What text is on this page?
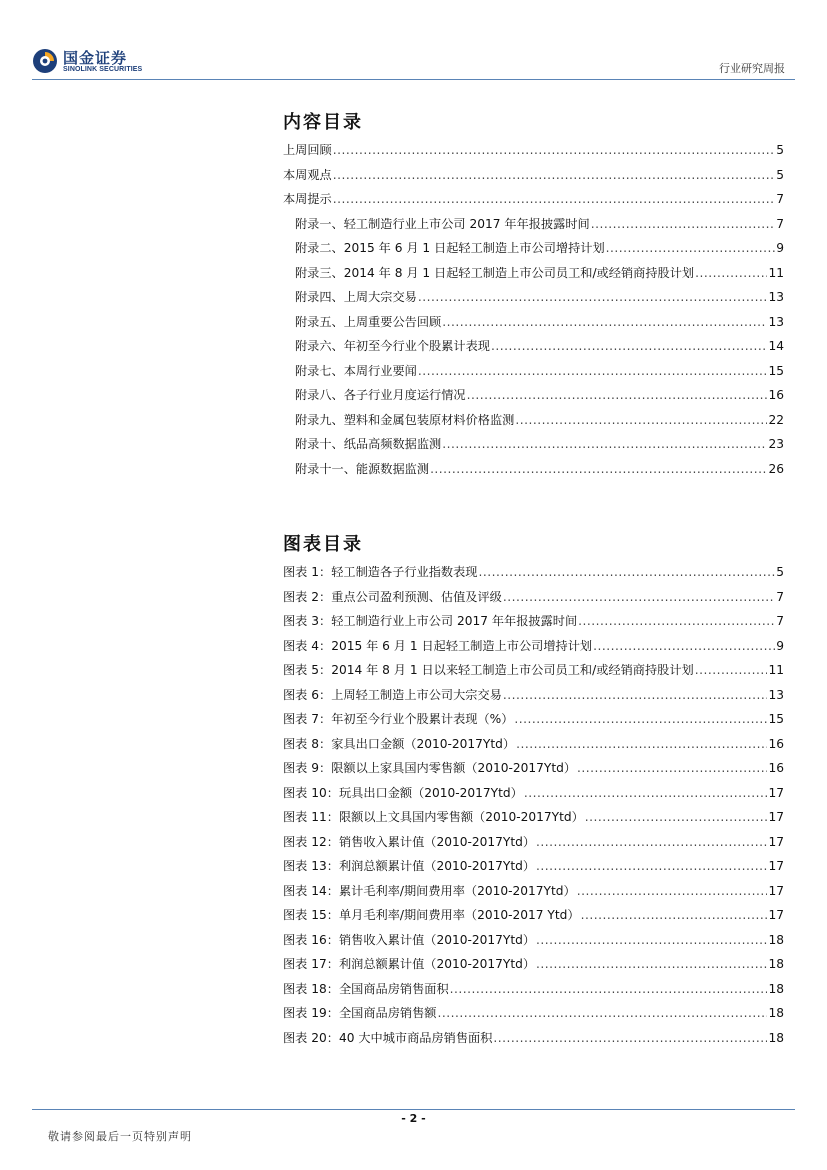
国金证券
SINOLINK SECURITIES	行业研究周报
内容目录
上周回顾 .....	5
本周观点 .....	5
本周提示 .....	7
附录一、轻工制造行业上市公司 2017 年年报披露时间 .....	7
附录二、2015 年 6 月 1 日起轻工制造上市公司增持计划 .....	9
附录三、2014 年 8 月 1 日起轻工制造上市公司员工和/或经销商持股计划 .....	11
附录四、上周大宗交易 .....	13
附录五、上周重要公告回顾 .....	13
附录六、年初至今行业个股累计表现 .....	14
附录七、本周行业要闻 .....	15
附录八、各子行业月度运行情况 .....	16
附录九、塑料和金属包装原材料价格监测 .....	22
附录十、纸品高频数据监测 .....	23
附录十一、能源数据监测 .....	26
图表目录
图表 1：轻工制造各子行业指数表现 .....	5
图表 2：重点公司盈利预测、估值及评级 .....	7
图表 3：轻工制造行业上市公司 2017 年年报披露时间 .....	7
图表 4：2015 年 6 月 1 日起轻工制造上市公司增持计划 .....	9
图表 5：2014 年 8 月 1 日以来轻工制造上市公司员工和/或经销商持股计划 .....	11
图表 6：上周轻工制造上市公司大宗交易 .....	13
图表 7：年初至今行业个股累计表现（%） .....	15
图表 8：家具出口金额（2010-2017Ytd） .....	16
图表 9：限额以上家具国内零售额（2010-2017Ytd） .....	16
图表 10：玩具出口金额（2010-2017Ytd） .....	17
图表 11：限额以上文具国内零售额（2010-2017Ytd） .....	17
图表 12：销售收入累计值（2010-2017Ytd） .....	17
图表 13：利润总额累计值（2010-2017Ytd） .....	17
图表 14：累计毛利率/期间费用率（2010-2017Ytd） .....	17
图表 15：单月毛利率/期间费用率（2010-2017 Ytd） .....	17
图表 16：销售收入累计值（2010-2017Ytd） .....	18
图表 17：利润总额累计值（2010-2017Ytd） .....	18
图表 18：全国商品房销售面积 .....	18
图表 19：全国商品房销售额 .....	18
图表 20：40 大中城市商品房销售面积 .....	18
- 2 -
敬请参阅最后一页特别声明
